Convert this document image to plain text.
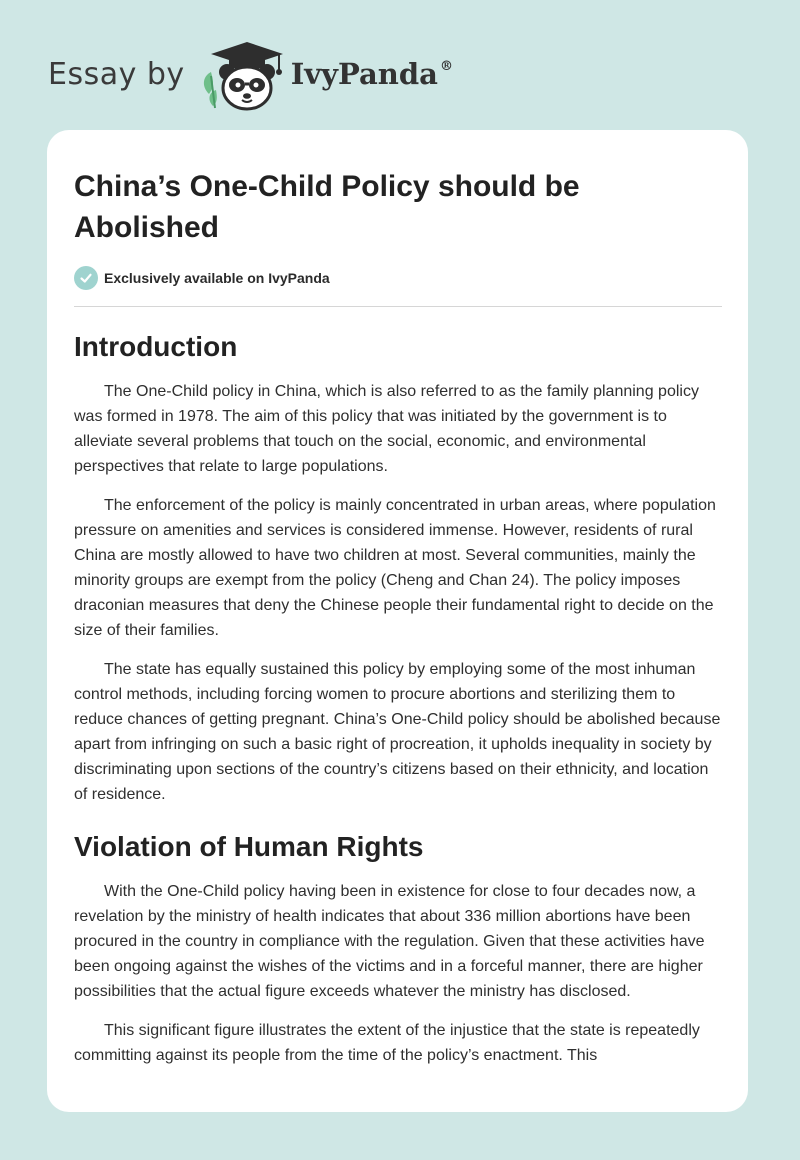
Essay by	IvyPanda®
China’s One-Child Policy should be Abolished
Exclusively available on IvyPanda
Introduction

The One-Child policy in China, which is also referred to as the family planning policy was formed in 1978. The aim of this policy that was initiated by the government is to alleviate several problems that touch on the social, economic, and environmental perspectives that relate to large populations.

The enforcement of the policy is mainly concentrated in urban areas, where population pressure on amenities and services is considered immense. However, residents of rural China are mostly allowed to have two children at most. Several communities, mainly the minority groups are exempt from the policy (Cheng and Chan 24). The policy imposes draconian measures that deny the Chinese people their fundamental right to decide on the size of their families.

The state has equally sustained this policy by employing some of the most inhuman control methods, including forcing women to procure abortions and sterilizing them to reduce chances of getting pregnant. China’s One-Child policy should be abolished because apart from infringing on such a basic right of procreation, it upholds inequality in society by discriminating upon sections of the country’s citizens based on their ethnicity, and location of residence.

Violation of Human Rights

With the One-Child policy having been in existence for close to four decades now, a revelation by the ministry of health indicates that about 336 million abortions have been procured in the country in compliance with the regulation. Given that these activities have been ongoing against the wishes of the victims and in a forceful manner, there are higher possibilities that the actual figure exceeds whatever the ministry has disclosed.

This significant figure illustrates the extent of the injustice that the state is repeatedly committing against its people from the time of the policy’s enactment. This
